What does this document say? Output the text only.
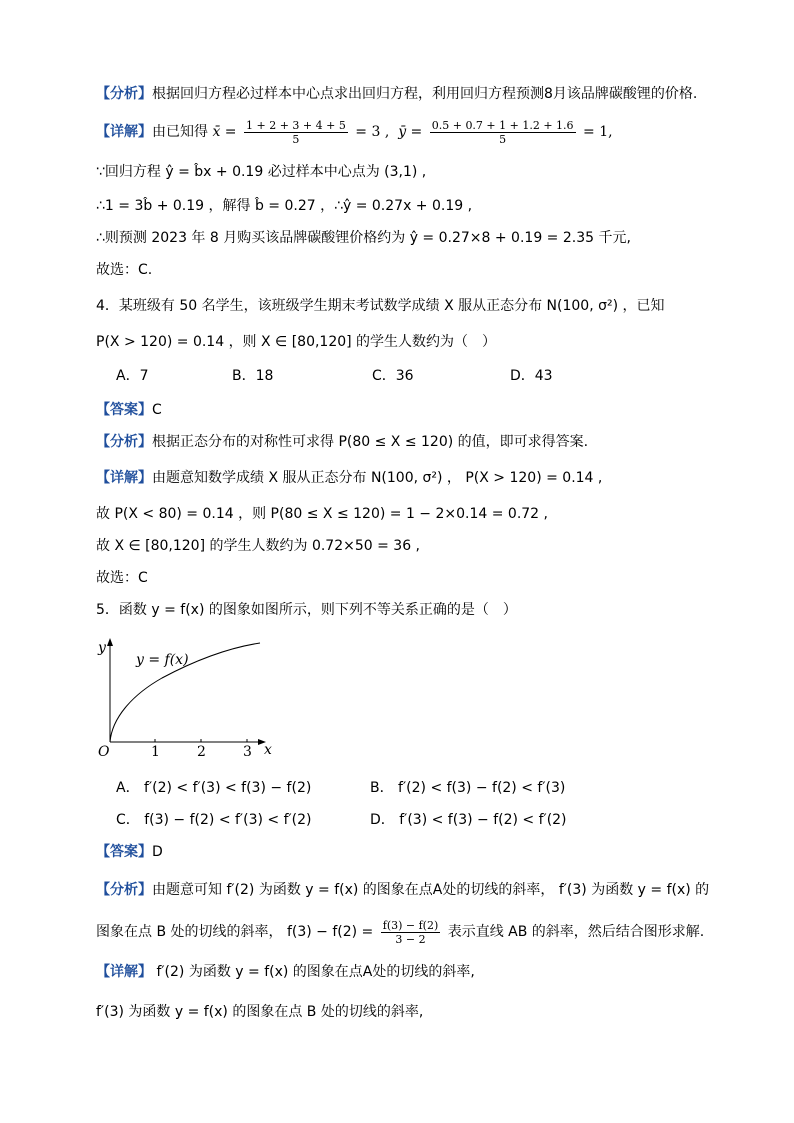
【分析】根据回归方程必过样本中心点求出回归方程，利用回归方程预测8月该品牌碳酸锂的价格.
【详解】由已知得 x̄ = $\frac{1 + 2 + 3 + 4 + 5}{5} = 3$ , ȳ = $\frac{0.5 + 0.7 + 1 + 1.2 + 1.6}{5} = 1$,
∵回归方程 ŷ = b̂x + 0.19 必过样本中心点为 (3,1) ,
∴1 = 3b̂ + 0.19 ，解得 b̂ = 0.27 ，∴ŷ = 0.27x + 0.19 ,
∴则预测 2023 年 8 月购买该品牌碳酸锂价格约为 ŷ = 0.27×8 + 0.19 = 2.35 千元,
故选：C.
4．某班级有 50 名学生，该班级学生期末考试数学成绩 X 服从正态分布 N(100, σ²) ，已知
P(X > 120) = 0.14 ，则 X ∈ [80,120] 的学生人数约为（　）
A．7	B．18	C．36	D．43
【答案】C
【分析】根据正态分布的对称性可求得 P(80 ≤ X ≤ 120) 的值，即可求得答案.
【详解】由题意知数学成绩 X 服从正态分布 N(100, σ²) ， P(X > 120) = 0.14 ,
故 P(X < 80) = 0.14 ，则 P(80 ≤ X ≤ 120) = 1 − 2×0.14 = 0.72 ,
故 X ∈ [80,120] 的学生人数约为 0.72×50 = 36 ,
故选：C
5．函数 y = f(x) 的图象如图所示，则下列不等关系正确的是（　）
y
y = f(x)
O	1	2	3 x
A． f′(2) < f′(3) < f(3) − f(2)	B． f′(2) < f(3) − f(2) < f′(3)
C． f(3) − f(2) < f′(3) < f′(2)	D． f′(3) < f(3) − f(2) < f′(2)
【答案】D
【分析】由题意可知 f′(2) 为函数 y = f(x) 的图象在点A处的切线的斜率， f′(3) 为函数 y = f(x) 的
图象在点 B 处的切线的斜率， $f(3) - f(2) = \frac{f(3) - f(2)}{3 - 2}$ 表示直线 AB 的斜率，然后结合图形求解.
【详解】 f′(2) 为函数 y = f(x) 的图象在点A处的切线的斜率,
f′(3) 为函数 y = f(x) 的图象在点 B 处的切线的斜率,
